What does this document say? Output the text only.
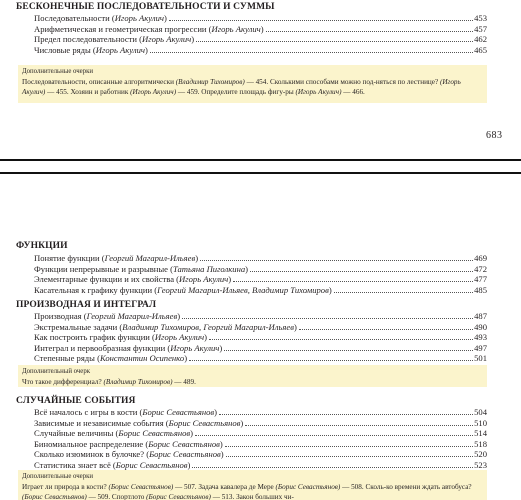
БЕСКОНЕЧНЫЕ ПОСЛЕДОВАТЕЛЬНОСТИ И СУММЫ
Последовательности (Игорь Акулич)	453
Арифметическая и геометрическая прогрессии (Игорь Акулич)	457
Предел последовательности (Игорь Акулич)	462
Числовые ряды (Игорь Акулич)	465
Дополнительные очерки
Последовательности, описанные алгоритмически (Владимир Тихомиров) — 454. Сколькими способами можно под-няться по лестнице? (Игорь Акулич) — 455. Хозяин и работник (Игорь Акулич) — 459. Определите площадь фигу-ры (Игорь Акулич) — 466.
683
ФУНКЦИИ
Понятие функции (Георгий Магарил-Ильяев)	469
Функции непрерывные и разрывные (Татьяна Пиголкина)	472
Элементарные функции и их свойства (Игорь Акулич)	477
Касательная к графику функции (Георгий Магарил-Ильяев, Владимир Тихомиров)	485
ПРОИЗВОДНАЯ И ИНТЕГРАЛ
Производная (Георгий Магарил-Ильяев)	487
Экстремальные задачи (Владимир Тихомиров, Георгий Магарил-Ильяев)	490
Как построить график функции (Игорь Акулич)	493
Интеграл и первообразная функции (Игорь Акулич)	497
Степенные ряды (Константин Осипенко)	501
Дополнительный очерк
Что такое дифференциал? (Владимир Тихомиров) — 489.
СЛУЧАЙНЫЕ СОБЫТИЯ
Всё началось с игры в кости (Борис Севастьянов)	504
Зависимые и независимые события (Борис Севастьянов)	510
Случайные величины (Борис Севастьянов)	514
Биномиальное распределение (Борис Севастьянов)	518
Сколько изюминок в булочке? (Борис Севастьянов)	520
Статистика знает всё (Борис Севастьянов)	523
Дополнительные очерки
Играет ли природа в кости? (Борис Севастьянов) — 507. Задача кавалера де Мере (Борис Севастьянов) — 508. Сколь-ко времени ждать автобуса? (Борис Севастьянов) — 509. Спортлото (Борис Севастьянов) — 513. Закон больших чи-
